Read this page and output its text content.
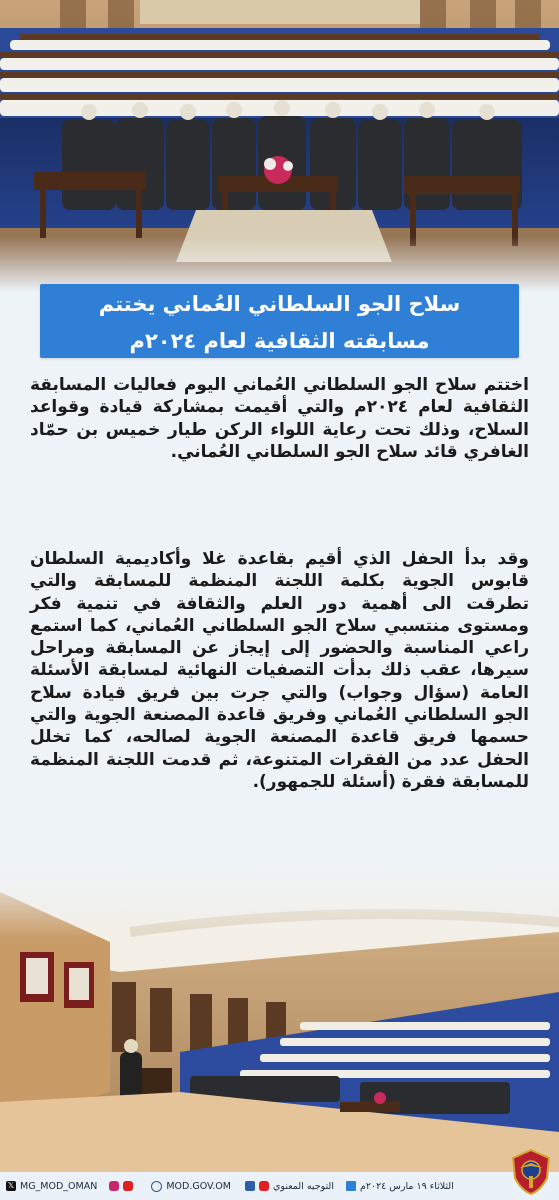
سلاح الجو السلطاني العُماني يختتم

مسابقته الثقافية لعام ٢٠٢٤م

اختتم سلاح الجو السلطاني العُماني اليوم فعاليات المسابقة الثقافية لعام ٢٠٢٤م والتي أقيمت بمشاركة قيادة وقواعد السلاح، وذلك تحت رعاية اللواء الركن طيار خميس بن حمّاد الغافري قائد سلاح الجو السلطاني العُماني.

وقد بدأ الحفل الذي أقيم بقاعدة غلا وأكاديمية السلطان قابوس الجوية بكلمة اللجنة المنظمة للمسابقة والتي تطرقت الى أهمية دور العلم والثقافة في تنمية فكر ومستوى منتسبي سلاح الجو السلطاني العُماني، كما استمع راعي المناسبة والحضور إلى إيجاز عن المسابقة ومراحل سيرها، عقب ذلك بدأت التصفيات النهائية لمسابقة الأسئلة العامة (سؤال وجواب) والتي جرت بين فريق قيادة سلاح الجو السلطاني العُماني وفريق قاعدة المصنعة الجوية والتي حسمها فريق قاعدة المصنعة الجوية لصالحه، كما تخلل الحفل عدد من الفقرات المتنوعة، ثم قدمت اللجنة المنظمة للمسابقة فقرة (أسئلة للجمهور).

𝕏 MG_MOD_OMAN	MOD.GOV.OM	التوجيه المعنوي	الثلاثاء ١٩ مارس ٢٠٢٤م
